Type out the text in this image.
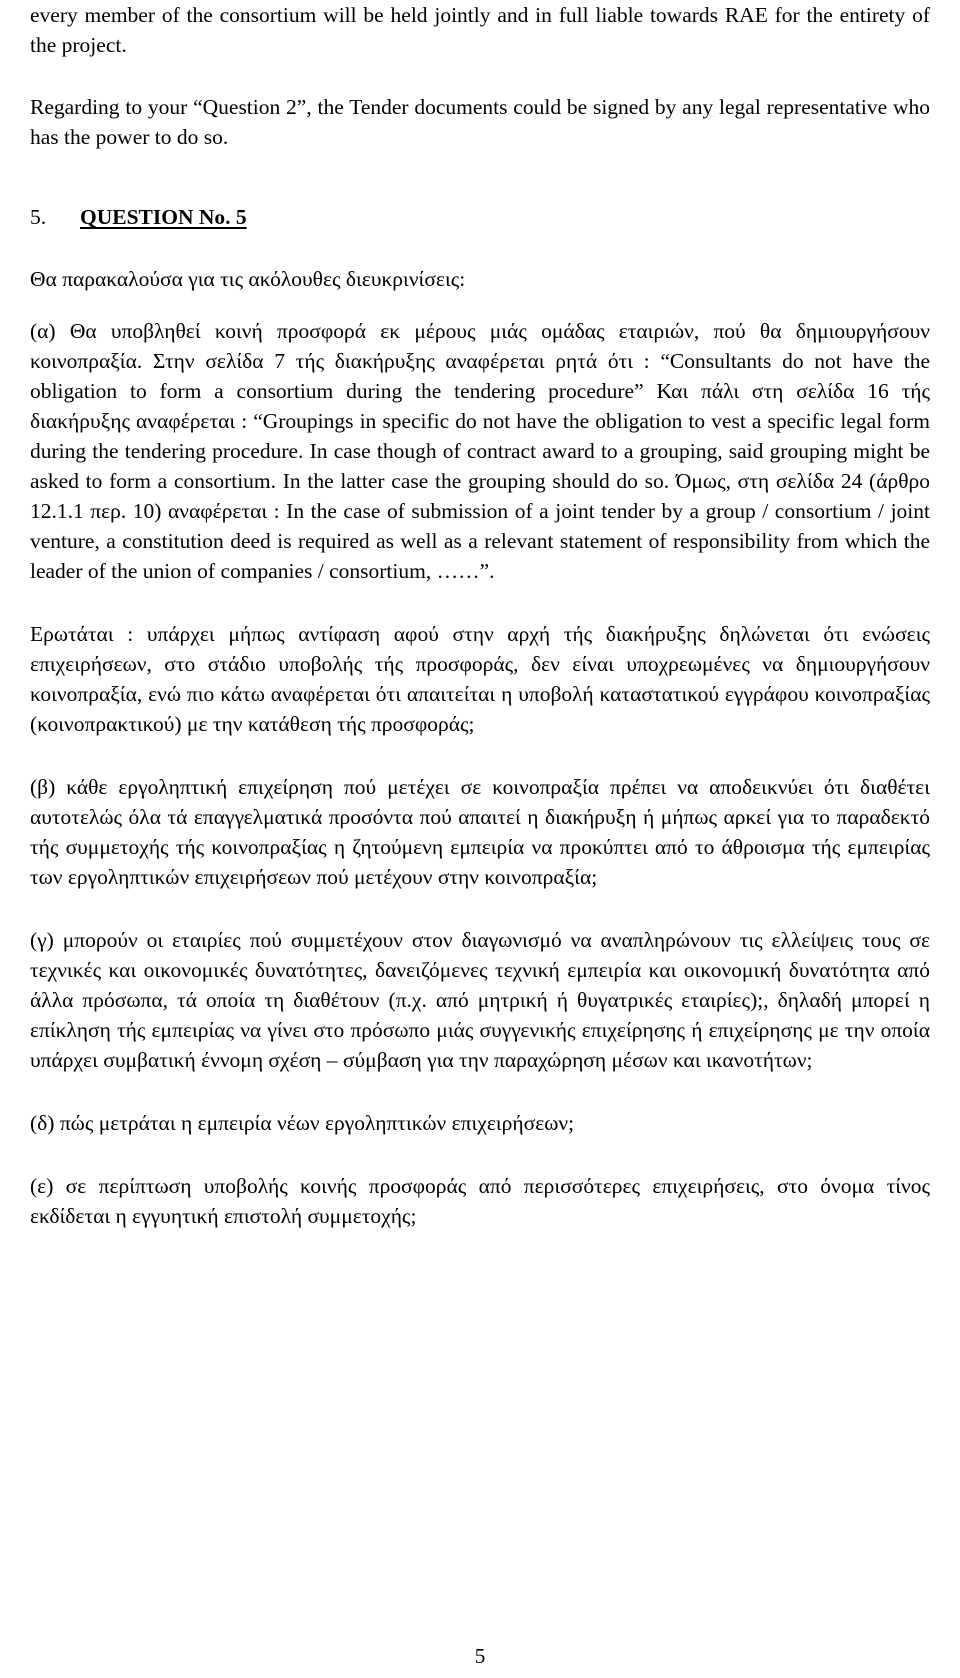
every member of the consortium will be held jointly and in full liable towards RAE for the entirety of the project.

Regarding to your “Question 2”, the Tender documents could be signed by any legal representative who has the power to do so.

5. QUESTION No. 5

Θα παρακαλούσα για τις ακόλουθες διευκρινίσεις:

(α) Θα υποβληθεί κοινή προσφορά εκ μέρους μιάς ομάδας εταιριών, πού θα δημιουργήσουν κοινοπραξία. Στην σελίδα 7 τής διακήρυξης αναφέρεται ρητά ότι : “Consultants do not have the obligation to form a consortium during the tendering procedure” Και πάλι στη σελίδα 16 τής διακήρυξης αναφέρεται : “Groupings in specific do not have the obligation to vest a specific legal form during the tendering procedure. In case though of contract award to a grouping, said grouping might be asked to form a consortium. In the latter case the grouping should do so. Όμως, στη σελίδα 24 (άρθρο 12.1.1 περ. 10) αναφέρεται : In the case of submission of a joint tender by a group / consortium / joint venture, a constitution deed is required as well as a relevant statement of responsibility from which the leader of the union of companies / consortium, ……”.

Ερωτάται : υπάρχει μήπως αντίφαση αφού στην αρχή τής διακήρυξης δηλώνεται ότι ενώσεις επιχειρήσεων, στο στάδιο υποβολής τής προσφοράς, δεν είναι υποχρεωμένες να δημιουργήσουν κοινοπραξία, ενώ πιο κάτω αναφέρεται ότι απαιτείται η υποβολή καταστατικού εγγράφου κοινοπραξίας (κοινοπρακτικού) με την κατάθεση τής προσφοράς;

(β) κάθε εργοληπτική επιχείρηση πού μετέχει σε κοινοπραξία πρέπει να αποδεικνύει ότι διαθέτει αυτοτελώς όλα τά επαγγελματικά προσόντα πού απαιτεί η διακήρυξη ή μήπως αρκεί για το παραδεκτό τής συμμετοχής τής κοινοπραξίας η ζητούμενη εμπειρία να προκύπτει από το άθροισμα τής εμπειρίας των εργοληπτικών επιχειρήσεων πού μετέχουν στην κοινοπραξία;

(γ) μπορούν οι εταιρίες πού συμμετέχουν στον διαγωνισμό να αναπληρώνουν τις ελλείψεις τους σε τεχνικές και οικονομικές δυνατότητες, δανειζόμενες τεχνική εμπειρία και οικονομική δυνατότητα από άλλα πρόσωπα, τά οποία τη διαθέτουν (π.χ. από μητρική ή θυγατρικές εταιρίες);, δηλαδή μπορεί η επίκληση τής εμπειρίας να γίνει στο πρόσωπο μιάς συγγενικής επιχείρησης ή επιχείρησης με την οποία υπάρχει συμβατική έννομη σχέση – σύμβαση για την παραχώρηση μέσων και ικανοτήτων;

(δ) πώς μετράται η εμπειρία νέων εργοληπτικών επιχειρήσεων;

(ε) σε περίπτωση υποβολής κοινής προσφοράς από περισσότερες επιχειρήσεις, στο όνομα τίνος εκδίδεται η εγγυητική επιστολή συμμετοχής;

5
